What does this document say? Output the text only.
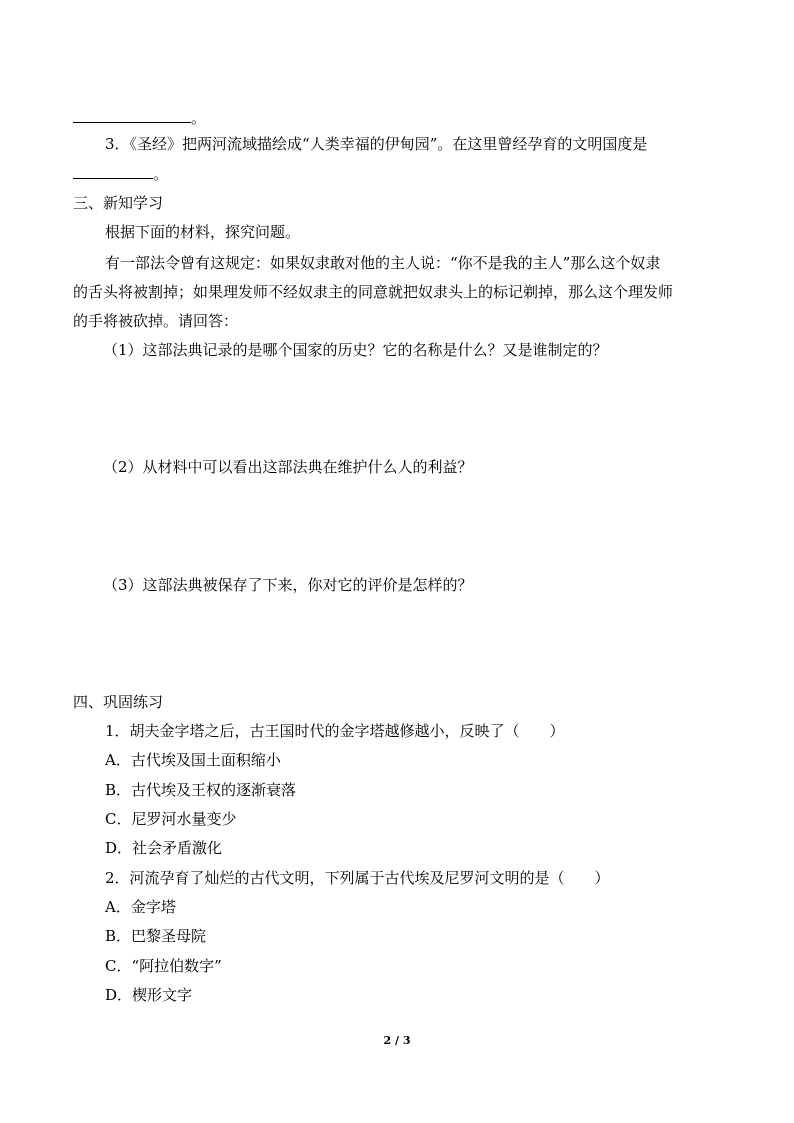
。
3．《圣经》把两河流域描绘成“人类幸福的伊甸园”。在这里曾经孕育的文明国度是
。
三、新知学习
根据下面的材料，探究问题。
有一部法令曾有这规定：如果奴隶敢对他的主人说：“你不是我的主人”那么这个奴隶
的舌头将被割掉；如果理发师不经奴隶主的同意就把奴隶头上的标记剃掉，那么这个理发师
的手将被砍掉。请回答：
（1）这部法典记录的是哪个国家的历史？它的名称是什么？又是谁制定的？
（2）从材料中可以看出这部法典在维护什么人的利益？
（3）这部法典被保存了下来，你对它的评价是怎样的？
四、巩固练习
1．胡夫金字塔之后，古王国时代的金字塔越修越小，反映了（　　）
A．古代埃及国土面积缩小
B．古代埃及王权的逐渐衰落
C．尼罗河水量变少
D．社会矛盾激化
2．河流孕育了灿烂的古代文明，下列属于古代埃及尼罗河文明的是（　　）
A．金字塔
B．巴黎圣母院
C．“阿拉伯数字”
D．楔形文字
2 / 3
